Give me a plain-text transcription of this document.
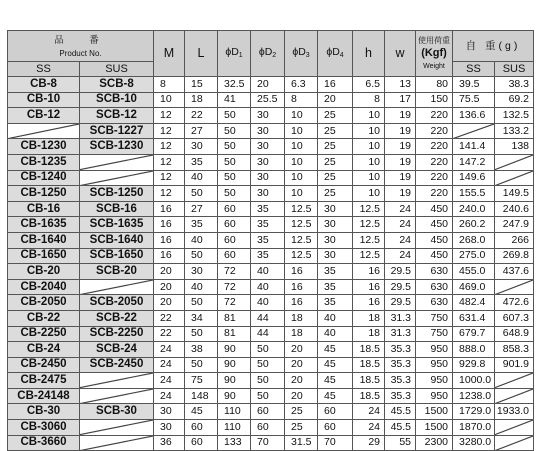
品　番
Product No.		M	L	$\phi D_1$	$\phi D_2$	$\phi D_3$	$\phi D_4$	h	w	使用荷重
(Kgf)
Weight	自 重(g)	
SS	SUS										SS	SUS
CB-8	SCB-8	8	15	32.5	20	6.3	16	6.5	13	80	39.5	38.3
CB-10	SCB-10	10	18	41	25.5	8	20	8	17	150	75.5	69.2
CB-12	SCB-12	12	22	50	30	10	25	10	19	220	136.6	132.5

	SCB-1227	12	27	50	30	10	25	10	19	220		133.2
CB-1230	SCB-1230	12	30	50	30	10	25	10	19	220	141.4	138
CB-1235		12	35	50	30	10	25	10	19	220	147.2	

CB-1240		12	40	50	30	10	25	10	19	220	149.6	

CB-1250	SCB-1250	12	50	50	30	10	25	10	19	220	155.5	149.5
CB-16	SCB-16	16	27	60	35	12.5	30	12.5	24	450	240.0	240.6
CB-1635	SCB-1635	16	35	60	35	12.5	30	12.5	24	450	260.2	247.9
CB-1640	SCB-1640	16	40	60	35	12.5	30	12.5	24	450	268.0	266
CB-1650	SCB-1650	16	50	60	35	12.5	30	12.5	24	450	275.0	269.8
CB-20	SCB-20	20	30	72	40	16	35	16	29.5	630	455.0	437.6
CB-2040		20	40	72	40	16	35	16	29.5	630	469.0	

CB-2050	SCB-2050	20	50	72	40	16	35	16	29.5	630	482.4	472.6
CB-22	SCB-22	22	34	81	44	18	40	18	31.3	750	631.4	607.3
CB-2250	SCB-2250	22	50	81	44	18	40	18	31.3	750	679.7	648.9
CB-24	SCB-24	24	38	90	50	20	45	18.5	35.3	950	888.0	858.3
CB-2450	SCB-2450	24	50	90	50	20	45	18.5	35.3	950	929.8	901.9
CB-2475		24	75	90	50	20	45	18.5	35.3	950	1000.0	

CB-24148		24	148	90	50	20	45	18.5	35.3	950	1238.0	

CB-30	SCB-30	30	45	110	60	25	60	24	45.5	1500	1729.0	1933.0
CB-3060		30	60	110	60	25	60	24	45.5	1500	1870.0	

CB-3660		36	60	133	70	31.5	70	29	55	2300	3280.0	
